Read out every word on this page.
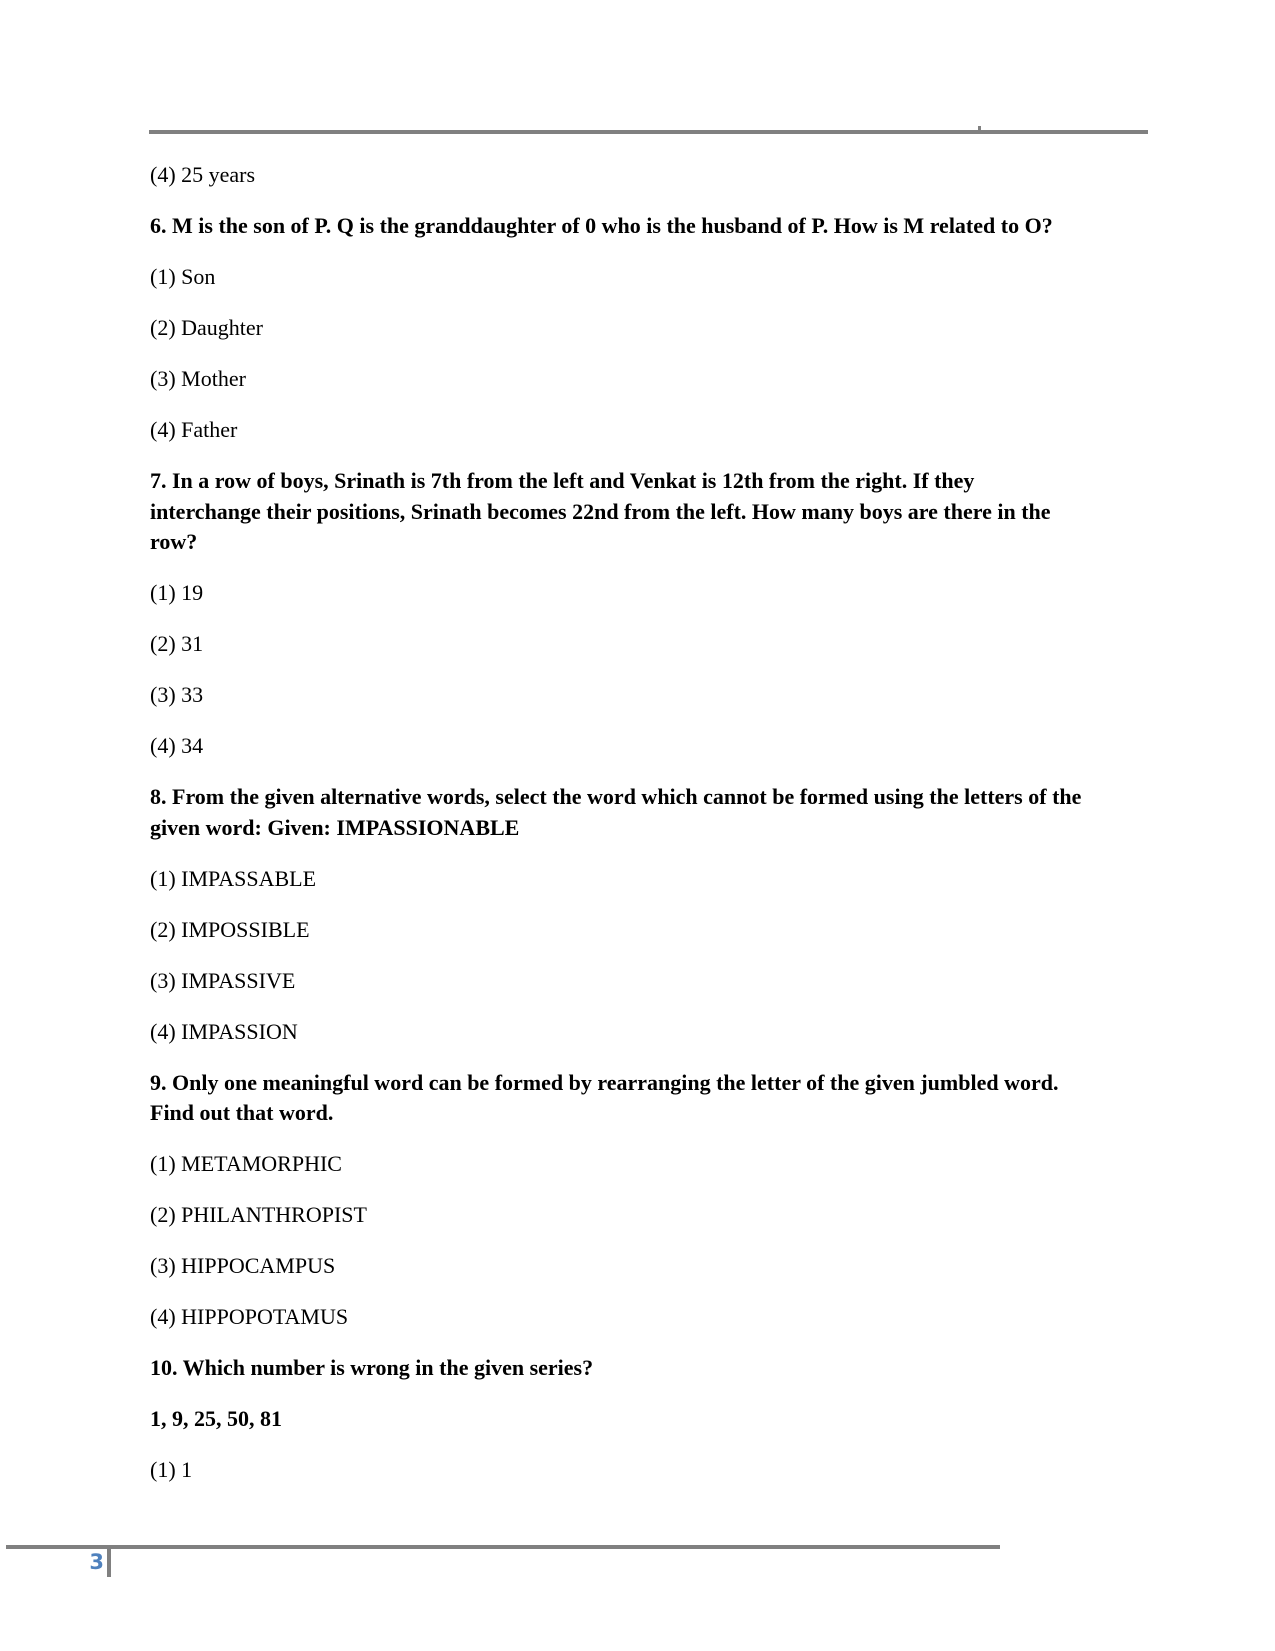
(4) 25 years

6. M is the son of P. Q is the granddaughter of 0 who is the husband of P. How is M related to O?

(1) Son

(2) Daughter

(3) Mother

(4) Father

7. In a row of boys, Srinath is 7th from the left and Venkat is 12th from the right. If they
interchange their positions, Srinath becomes 22nd from the left. How many boys are there in the
row?

(1) 19

(2) 31

(3) 33

(4) 34

8. From the given alternative words, select the word which cannot be formed using the letters of the
given word: Given: IMPASSIONABLE

(1) IMPASSABLE

(2) IMPOSSIBLE

(3) IMPASSIVE

(4) IMPASSION

9. Only one meaningful word can be formed by rearranging the letter of the given jumbled word.
Find out that word.

(1) METAMORPHIC

(2) PHILANTHROPIST

(3) HIPPOCAMPUS

(4) HIPPOPOTAMUS

10. Which number is wrong in the given series?

1, 9, 25, 50, 81

(1) 1

3
